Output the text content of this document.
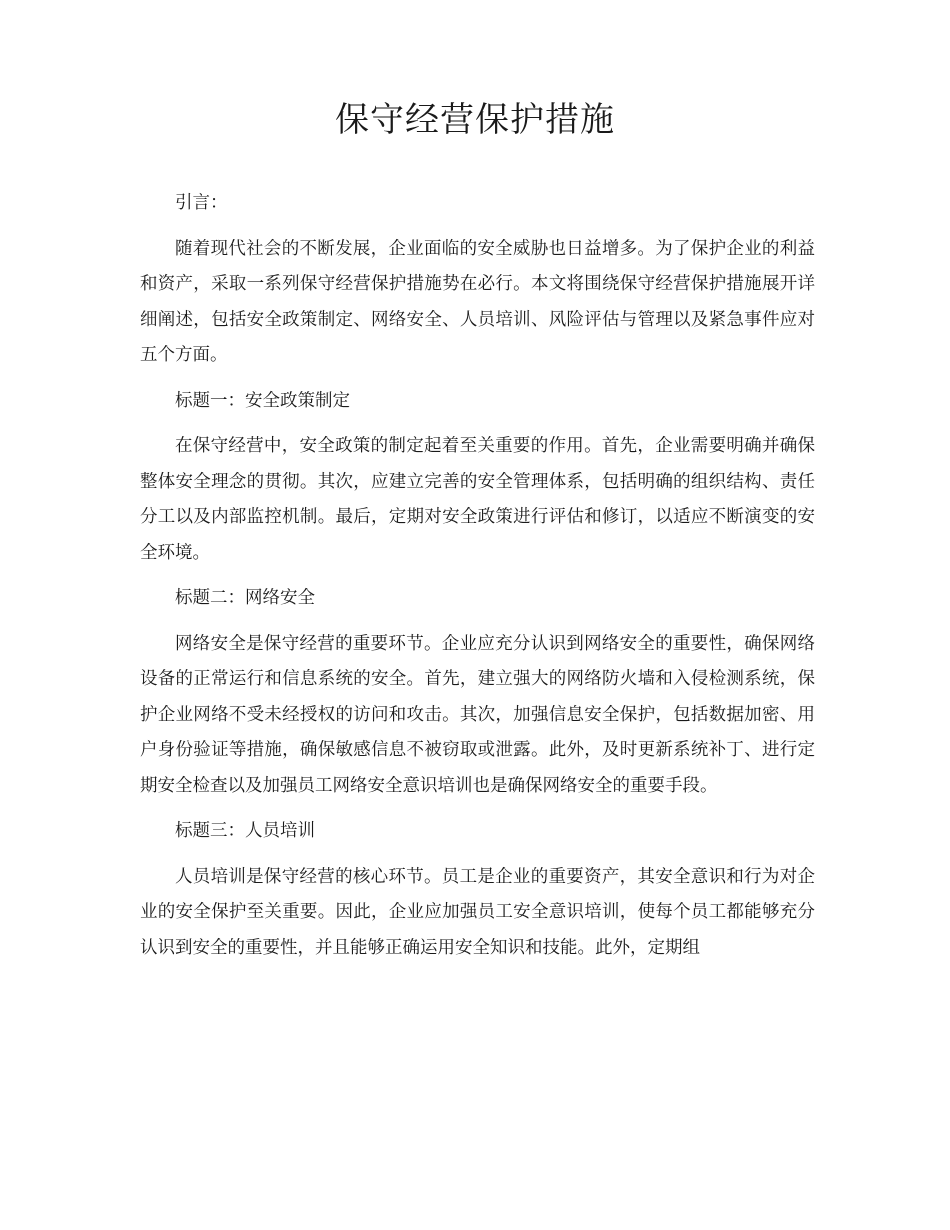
保守经营保护措施

引言：

随着现代社会的不断发展，企业面临的安全威胁也日益增多。为了保护企业的利益和资产，采取一系列保守经营保护措施势在必行。本文将围绕保守经营保护措施展开详细阐述，包括安全政策制定、网络安全、人员培训、风险评估与管理以及紧急事件应对五个方面。

标题一：安全政策制定

在保守经营中，安全政策的制定起着至关重要的作用。首先，企业需要明确并确保整体安全理念的贯彻。其次，应建立完善的安全管理体系，包括明确的组织结构、责任分工以及内部监控机制。最后，定期对安全政策进行评估和修订，以适应不断演变的安全环境。

标题二：网络安全

网络安全是保守经营的重要环节。企业应充分认识到网络安全的重要性，确保网络设备的正常运行和信息系统的安全。首先，建立强大的网络防火墙和入侵检测系统，保护企业网络不受未经授权的访问和攻击。其次，加强信息安全保护，包括数据加密、用户身份验证等措施，确保敏感信息不被窃取或泄露。此外，及时更新系统补丁、进行定期安全检查以及加强员工网络安全意识培训也是确保网络安全的重要手段。

标题三：人员培训

人员培训是保守经营的核心环节。员工是企业的重要资产，其安全意识和行为对企业的安全保护至关重要。因此，企业应加强员工安全意识培训，使每个员工都能够充分认识到安全的重要性，并且能够正确运用安全知识和技能。此外，定期组
